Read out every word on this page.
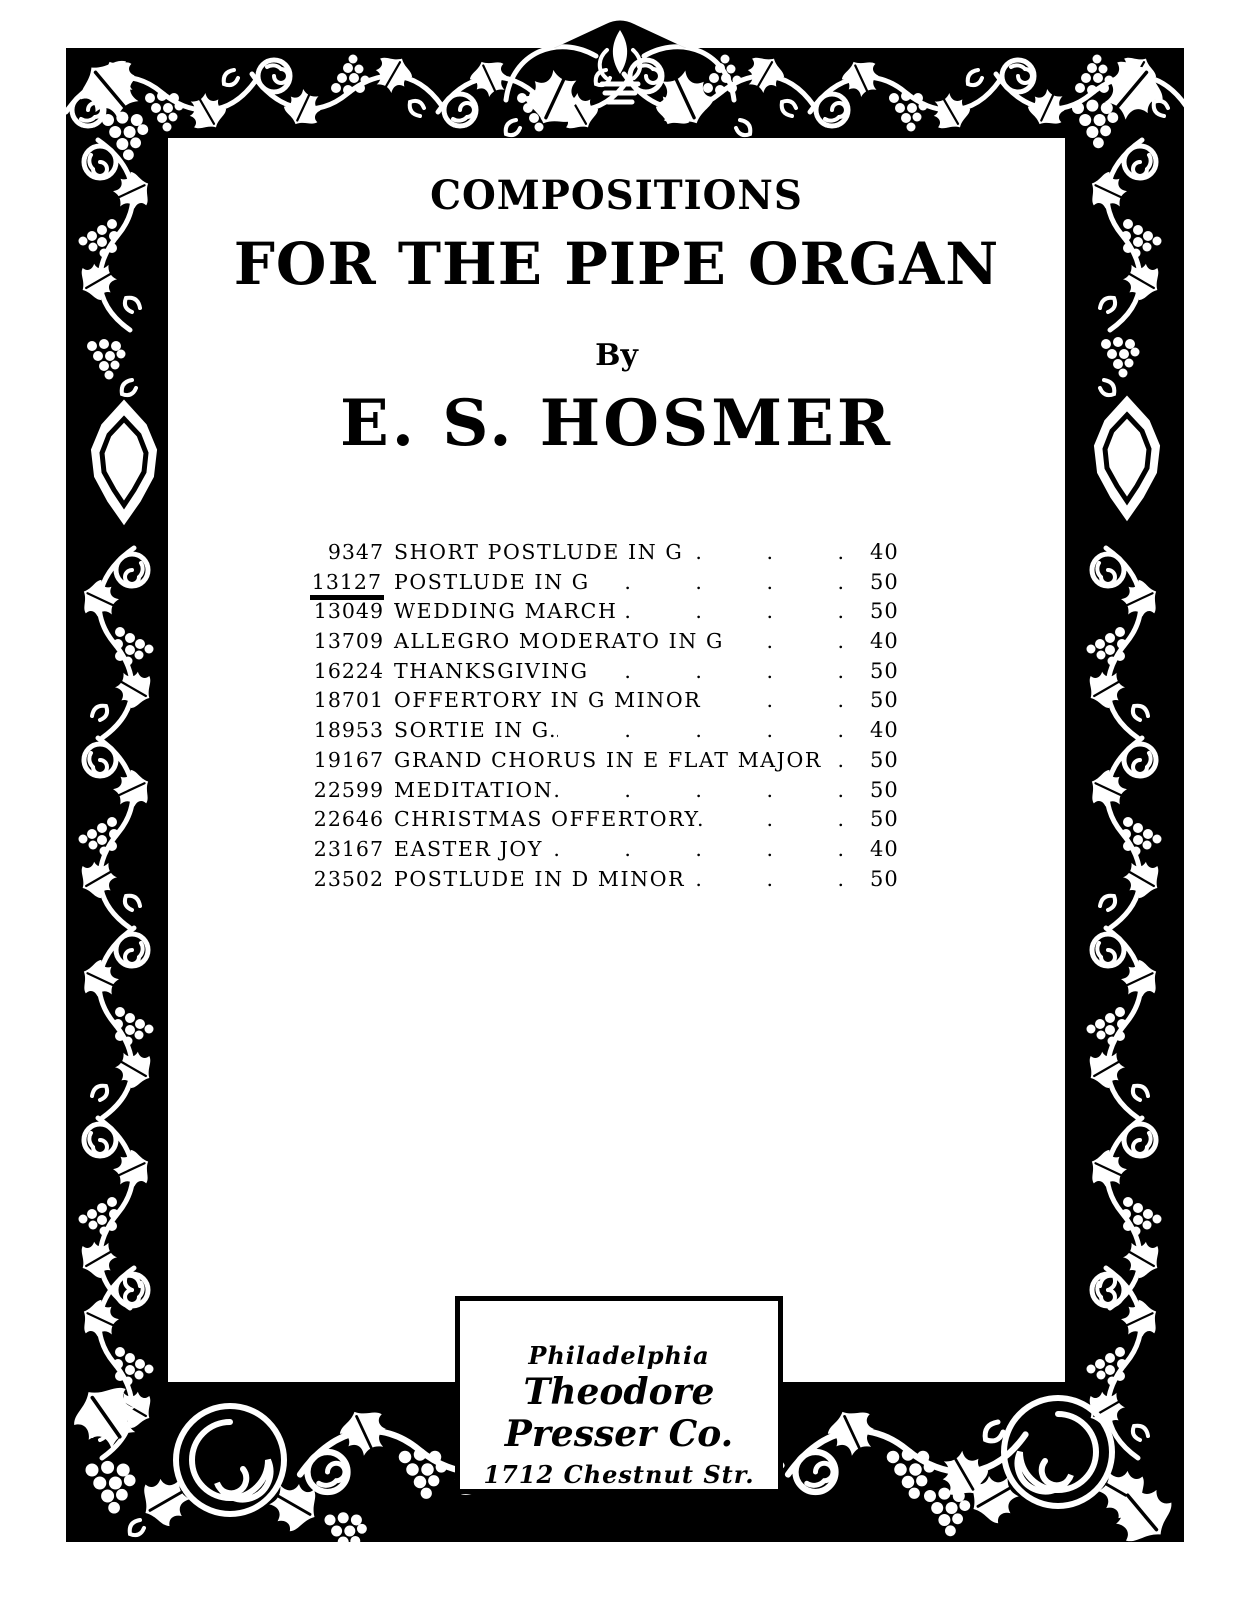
COMPOSITIONS
FOR THE PIPE ORGAN
By
E. S. HOSMER
9347 SHORT POSTLUDE IN G . . .	40
13127 POSTLUDE IN G . . .	50
13049 WEDDING MARCH . . .	50
13709 ALLEGRO MODERATO IN G . . .	40
16224 THANKSGIVING . . .	50
18701 OFFERTORY IN G MINOR . . .	50
18953 SORTIE IN G. . . .	40
19167 GRAND CHORUS IN E FLAT MAJOR . . .	50
22599 MEDITATION . . .	50
22646 CHRISTMAS OFFERTORY. . . .	50
23167 EASTER JOY . . .	40
23502 POSTLUDE IN D MINOR . . .	50
Philadelphia
Theodore Presser Co.
1712 Chestnut Str.
